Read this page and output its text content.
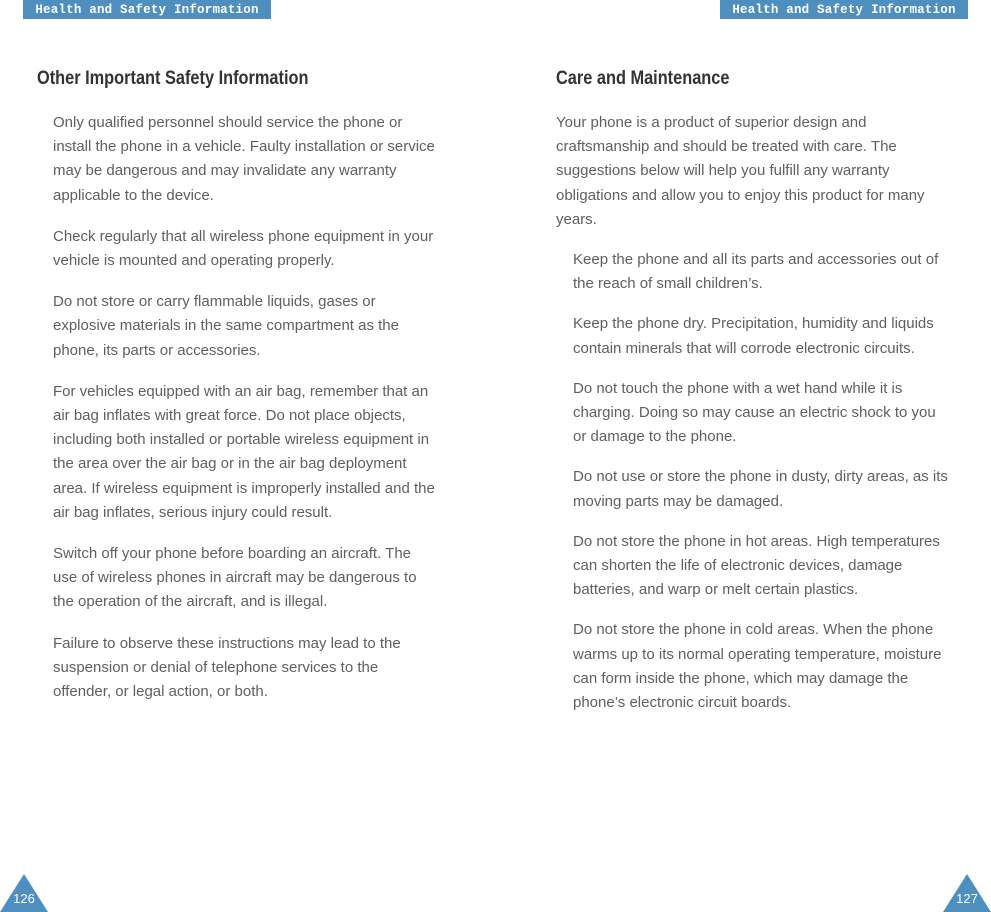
Health and Safety Information	Health and Safety Information
Other Important Safety Information

Only qualified personnel should service the phone or install the phone in a vehicle. Faulty installation or service may be dangerous and may invalidate any warranty applicable to the device.

Check regularly that all wireless phone equipment in your vehicle is mounted and operating properly.

Do not store or carry flammable liquids, gases or explosive materials in the same compartment as the phone, its parts or accessories.

For vehicles equipped with an air bag, remember that an air bag inflates with great force. Do not place objects, including both installed or portable wireless equipment in the area over the air bag or in the air bag deployment area. If wireless equipment is improperly installed and the air bag inflates, serious injury could result.

Switch off your phone before boarding an aircraft. The use of wireless phones in aircraft may be dangerous to the operation of the aircraft, and is illegal.

Failure to observe these instructions may lead to the suspension or denial of telephone services to the offender, or legal action, or both.

Care and Maintenance

Your phone is a product of superior design and craftsmanship and should be treated with care. The suggestions below will help you fulfill any warranty obligations and allow you to enjoy this product for many years.

Keep the phone and all its parts and accessories out of the reach of small children’s.

Keep the phone dry. Precipitation, humidity and liquids contain minerals that will corrode electronic circuits.

Do not touch the phone with a wet hand while it is charging. Doing so may cause an electric shock to you or damage to the phone.

Do not use or store the phone in dusty, dirty areas, as its moving parts may be damaged.

Do not store the phone in hot areas. High temperatures can shorten the life of electronic devices, damage batteries, and warp or melt certain plastics.

Do not store the phone in cold areas. When the phone warms up to its normal operating temperature, moisture can form inside the phone, which may damage the phone’s electronic circuit boards.

126	127
